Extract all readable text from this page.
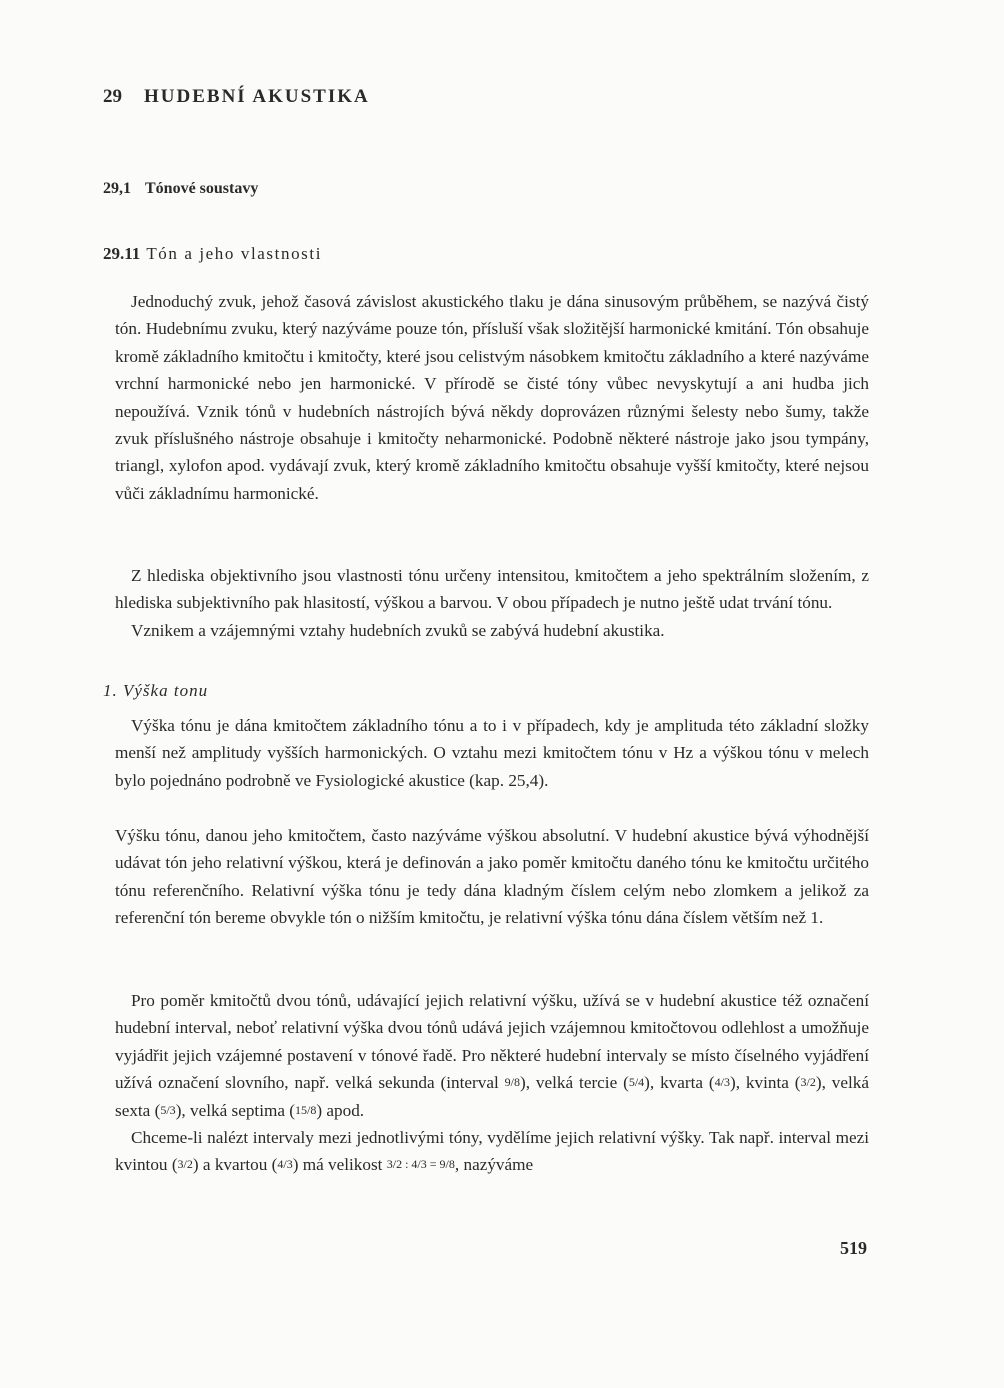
29 HUDEBNÍ AKUSTIKA
29,1 Tónové soustavy
29.11 Tón a jeho vlastnosti

Jednoduchý zvuk, jehož časová závislost akustického tlaku je dána sinusovým průběhem, se nazývá čistý tón. Hudebnímu zvuku, který nazýváme pouze tón, přísluší však složitější harmonické kmitání. Tón obsahuje kromě základního kmitočtu i kmitočty, které jsou celistvým násobkem kmitočtu základního a které nazýváme vrchní harmonické nebo jen harmonické. V přírodě se čisté tóny vůbec nevyskytují a ani hudba jich nepoužívá. Vznik tónů v hudebních nástrojích bývá někdy doprovázen různými šelesty nebo šumy, takže zvuk příslušného nástroje obsahuje i kmitočty neharmonické. Podobně některé nástroje jako jsou tympány, triangl, xylofon apod. vydávají zvuk, který kromě základního kmitočtu obsahuje vyšší kmitočty, které nejsou vůči základnímu harmonické.

Z hlediska objektivního jsou vlastnosti tónu určeny intensitou, kmitočtem a jeho spektrálním složením, z hlediska subjektivního pak hlasitostí, výškou a barvou. V obou případech je nutno ještě udat trvání tónu.

Vznikem a vzájemnými vztahy hudebních zvuků se zabývá hudební akustika.

1. Výška tonu

Výška tónu je dána kmitočtem základního tónu a to i v případech, kdy je amplituda této základní složky menší než amplitudy vyšších harmonických. O vztahu mezi kmitočtem tónu v Hz a výškou tónu v melech bylo pojednáno podrobně ve Fysiologické akustice (kap. 25,4).

Výšku tónu, danou jeho kmitočtem, často nazýváme výškou absolutní. V hudební akustice bývá výhodnější udávat tón jeho relativní výškou, která je definován a jako poměr kmitočtu daného tónu ke kmitočtu určitého tónu referenčního. Relativní výška tónu je tedy dána kladným číslem celým nebo zlomkem a jelikož za referenční tón bereme obvykle tón o nižším kmitočtu, je relativní výška tónu dána číslem větším než 1.

Pro poměr kmitočtů dvou tónů, udávající jejich relativní výšku, užívá se v hudební akustice též označení hudební interval, neboť relativní výška dvou tónů udává jejich vzájemnou kmitočtovou odlehlost a umožňuje vyjádřit jejich vzájemné postavení v tónové řadě. Pro některé hudební intervaly se místo číselného vyjádření užívá označení slovního, např. velká sekunda (interval 9/8), velká tercie (5/4), kvarta (4/3), kvinta (3/2), velká sexta (5/3), velká septima (15/8) apod.

Chceme-li nalézt intervaly mezi jednotlivými tóny, vydělíme jejich relativní výšky. Tak např. interval mezi kvintou (3/2) a kvartou (4/3) má velikost 3/2 : 4/3 = 9/8, nazýváme

519
